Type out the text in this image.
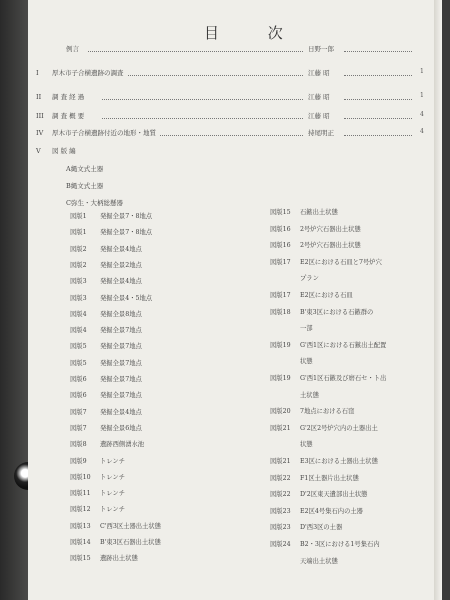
目 次
例言	日野一郎
I 厚木市子合横遺跡の調査	江藤 昭	1
II 調 査 経 過	江藤 昭	1
III 調 査 概 要	江藤 昭	4
IV 厚木市子合横遺跡付近の地形・地質	持尾明正	4
V 図 版 編
A縄文式土器
B縄文式土器
C弥生・大柄総懸器
図版1 発掘全景7・8地点
図版1 発掘全景7・8地点
図版2 発掘全景4地点
図版2 発掘全景2地点
図版3 発掘全景4地点
図版3 発掘全景4・5地点
図版4 発掘全景8地点
図版4 発掘全景7地点
図版5 発掘全景7地点
図版5 発掘全景7地点
図版6 発掘全景7地点
図版6 発掘全景7地点
図版7 発掘全景4地点
図版7 発掘全景6地点
図版8 遺跡西側湧水池
図版9 トレンチ
図版10 トレンチ
図版11 トレンチ
図版12 トレンチ
図版13 C'西3区土器出土状態
図版14 B'東3区石器出土状態
図版15 遺跡出土状態
図版15 石鏃出土状態
図版16 2号炉穴石器出土状態
図版16 2号炉穴石器出土状態
図版17 E2区における石皿と7号炉穴
プラン
図版17 E2区における石皿
図版18 B'東3区における石鏃群の
一部
図版19 G'西1区における石鏃出土配置
状態
図版19 G'西1区石鏃及び磨石セ・ト出
土状態
図版20 7地点における石窪
図版21 G'2区2号炉穴内の土器出土
状態
図版21 E3区における土器出土状態
図版22 F1区土器片出土状態
図版22 D'2区東天遺部出土状態
図版23 E2区4号集石内の土器
図版23 D'西3区の土器
図版24 B2・3区における1号集石内
天端出土状態
